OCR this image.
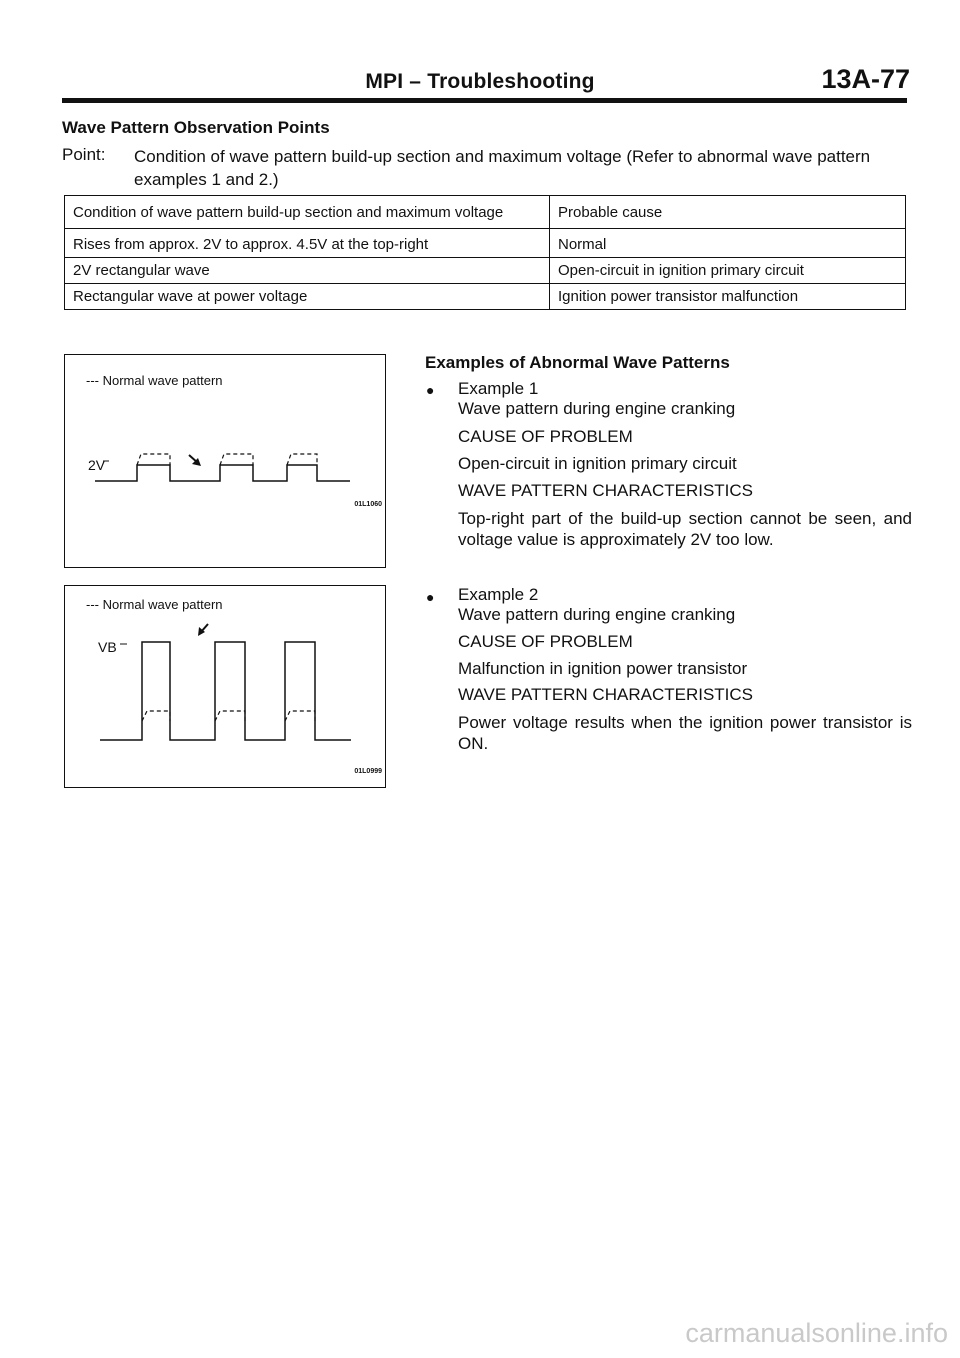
MPI – Troubleshooting	13A-77
Wave Pattern Observation Points
Point: Condition of wave pattern build-up section and maximum voltage (Refer to abnormal wave pattern examples 1 and 2.)
Condition of wave pattern build-up section and maximum voltage	Probable cause
Rises from approx. 2V to approx. 4.5V at the top-right	Normal
2V rectangular wave	Open-circuit in ignition primary circuit
Rectangular wave at power voltage	Ignition power transistor malfunction
--- Normal wave pattern
2V
01L1060
--- Normal wave pattern
VB
01L0999
Examples of Abnormal Wave Patterns
● Example 1
Wave pattern during engine cranking
CAUSE OF PROBLEM
Open-circuit in ignition primary circuit
WAVE PATTERN CHARACTERISTICS
Top-right part of the build-up section cannot be seen, and voltage value is approximately 2V too low.
● Example 2
Wave pattern during engine cranking
CAUSE OF PROBLEM
Malfunction in ignition power transistor
WAVE PATTERN CHARACTERISTICS
Power voltage results when the ignition power transistor is ON.
carmanualsonline.info
